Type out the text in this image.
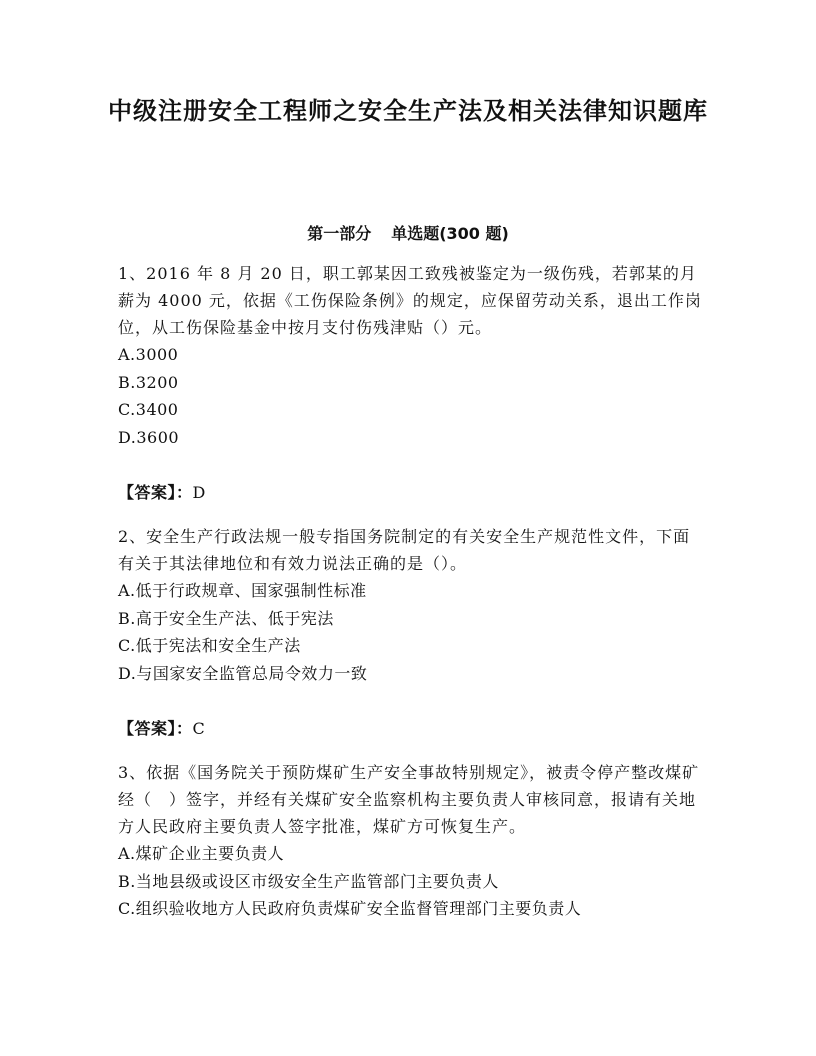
中级注册安全工程师之安全生产法及相关法律知识题库
第一部分 单选题(300 题)

1、2016 年 8 月 20 日，职工郭某因工致残被鉴定为一级伤残，若郭某的月薪为 4000 元，依据《工伤保险条例》的规定，应保留劳动关系，退出工作岗位，从工伤保险基金中按月支付伤残津贴（）元。

A.3000

B.3200

C.3400

D.3600

【答案】：D

2、安全生产行政法规一般专指国务院制定的有关安全生产规范性文件，下面有关于其法律地位和有效力说法正确的是（）。

A.低于行政规章、国家强制性标准

B.高于安全生产法、低于宪法

C.低于宪法和安全生产法

D.与国家安全监管总局令效力一致

【答案】：C

3、依据《国务院关于预防煤矿生产安全事故特别规定》，被责令停产整改煤矿经（　）签字，并经有关煤矿安全监察机构主要负责人审核同意，报请有关地方人民政府主要负责人签字批准，煤矿方可恢复生产。

A.煤矿企业主要负责人

B.当地县级或设区市级安全生产监管部门主要负责人

C.组织验收地方人民政府负责煤矿安全监督管理部门主要负责人
